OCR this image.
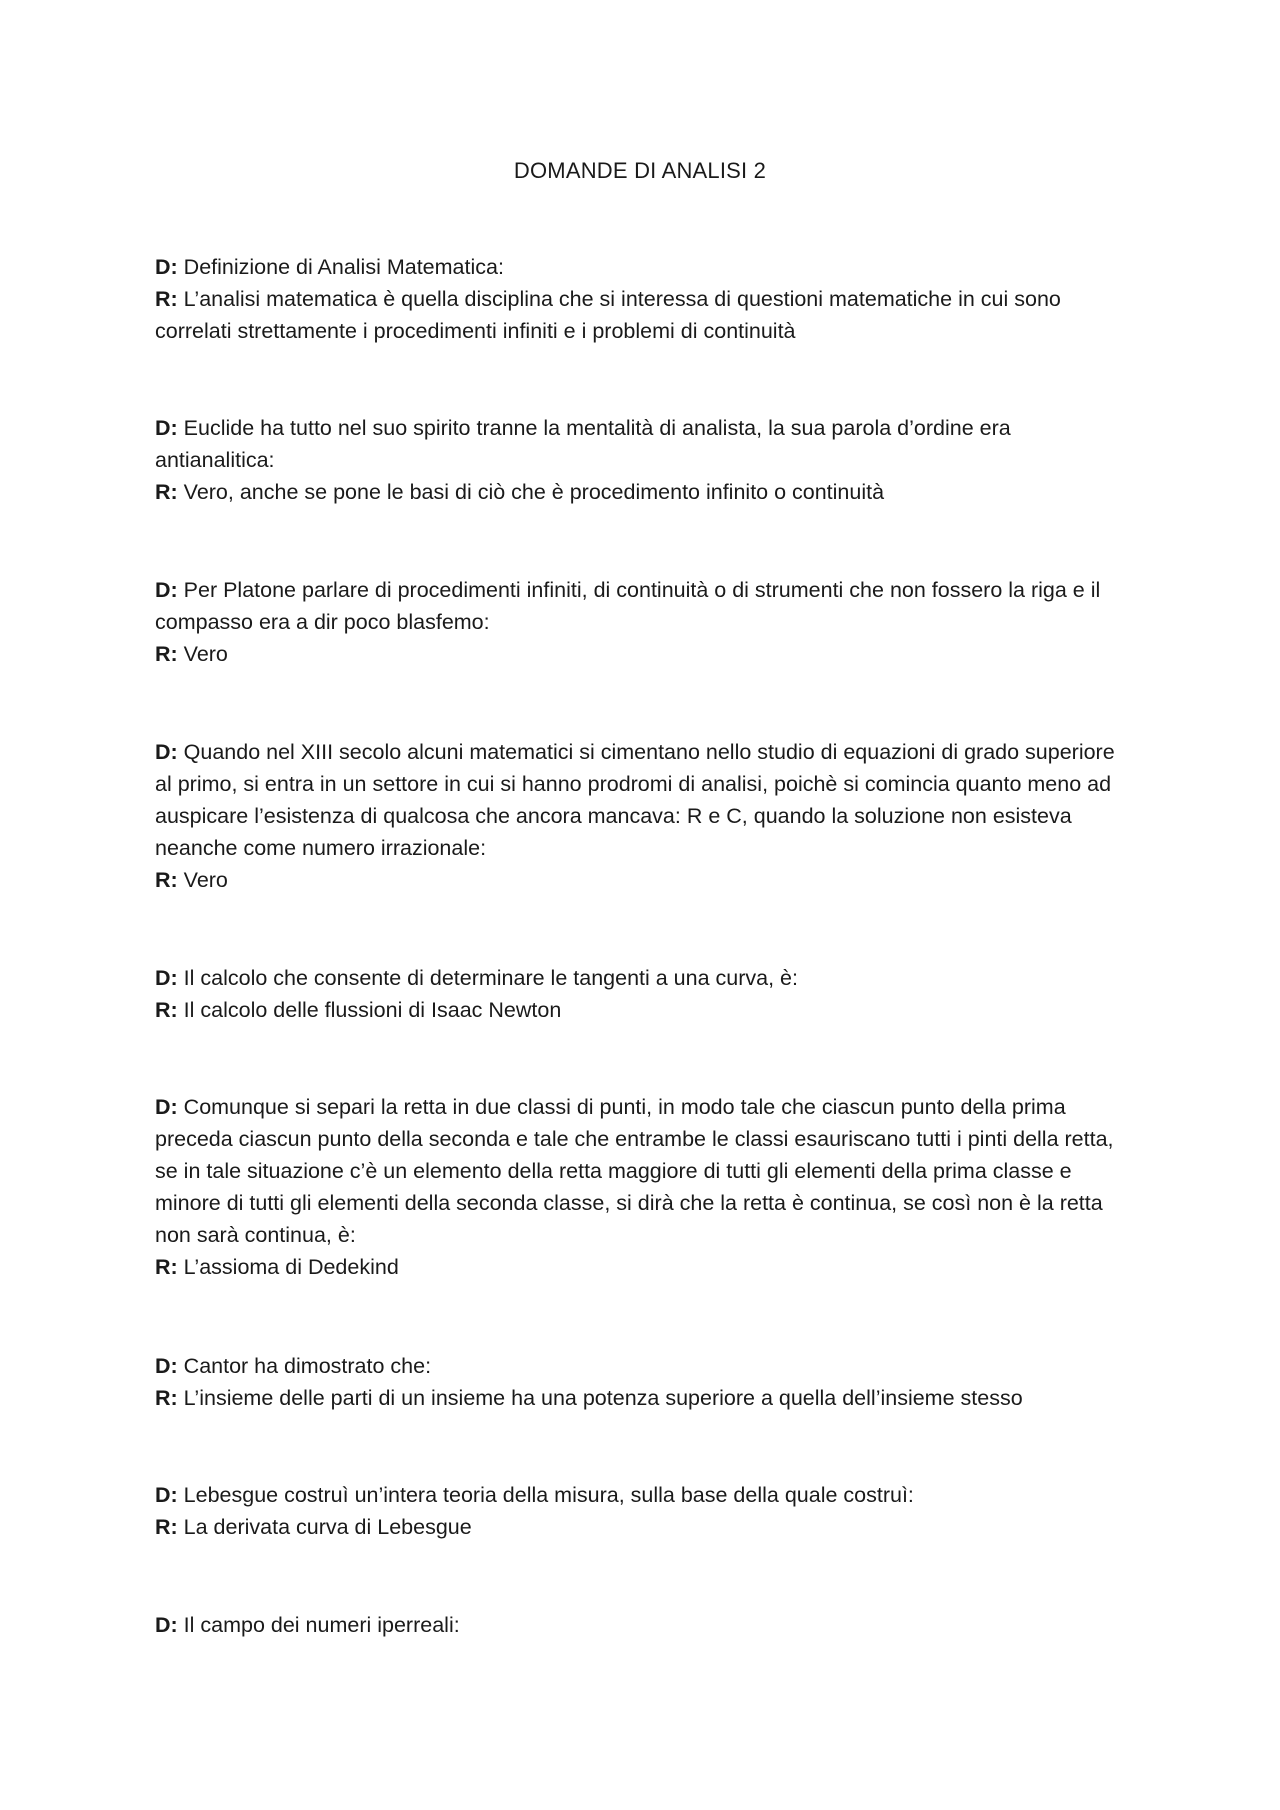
DOMANDE DI ANALISI 2

D: Definizione di Analisi Matematica:

R: L’analisi matematica è quella disciplina che si interessa di questioni matematiche in cui sono correlati strettamente i procedimenti infiniti e i problemi di continuità

D: Euclide ha tutto nel suo spirito tranne la mentalità di analista, la sua parola d’ordine era antianalitica:

R: Vero, anche se pone le basi di ciò che è procedimento infinito o continuità

D: Per Platone parlare di procedimenti infiniti, di continuità o di strumenti che non fossero la riga e il compasso era a dir poco blasfemo:

R: Vero

D: Quando nel XIII secolo alcuni matematici si cimentano nello studio di equazioni di grado superiore al primo, si entra in un settore in cui si hanno prodromi di analisi, poichè si comincia quanto meno ad auspicare l’esistenza di qualcosa che ancora mancava: R e C, quando la soluzione non esisteva neanche come numero irrazionale:

R: Vero

D: Il calcolo che consente di determinare le tangenti a una curva, è:

R: Il calcolo delle flussioni di Isaac Newton

D: Comunque si separi la retta in due classi di punti, in modo tale che ciascun punto della prima preceda ciascun punto della seconda e tale che entrambe le classi esauriscano tutti i pinti della retta, se in tale situazione c’è un elemento della retta maggiore di tutti gli elementi della prima classe e minore di tutti gli elementi della seconda classe, si dirà che la retta è continua, se così non è la retta non sarà continua, è:

R: L’assioma di Dedekind

D: Cantor ha dimostrato che:

R: L’insieme delle parti di un insieme ha una potenza superiore a quella dell’insieme stesso

D: Lebesgue costruì un’intera teoria della misura, sulla base della quale costruì:

R: La derivata curva di Lebesgue

D: Il campo dei numeri iperreali:
